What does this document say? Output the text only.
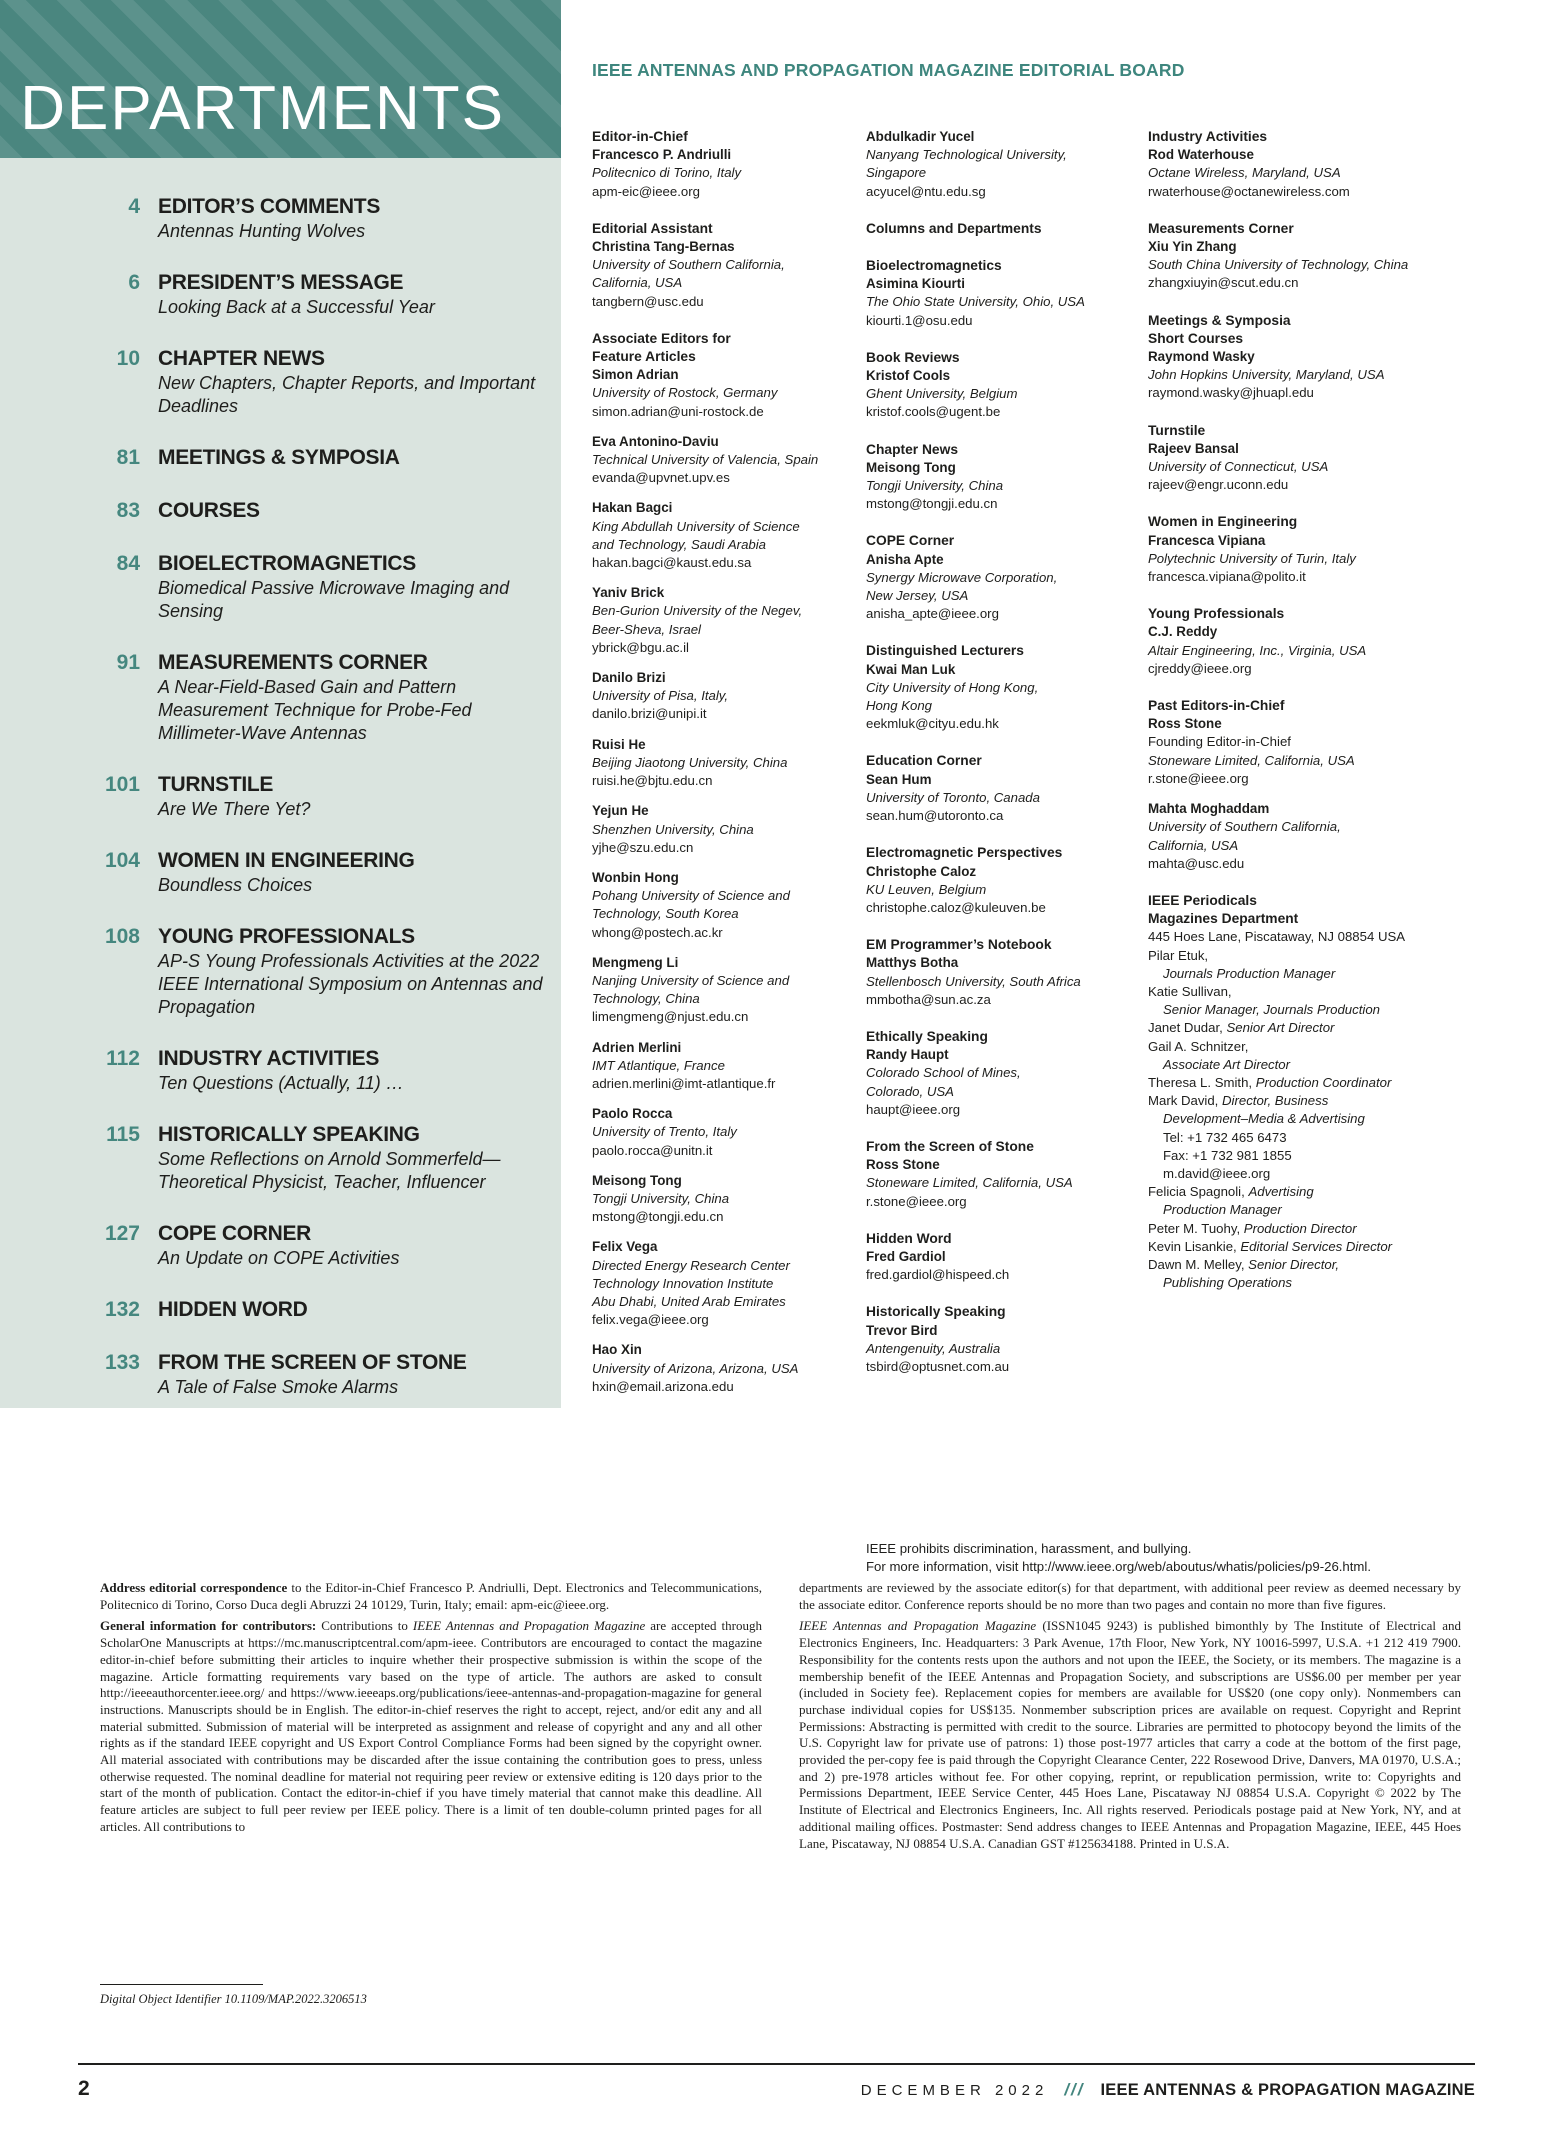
DEPARTMENTS
4 EDITOR’S COMMENTS
Antennas Hunting Wolves
6 PRESIDENT’S MESSAGE
Looking Back at a Successful Year
10 CHAPTER NEWS
New Chapters, Chapter Reports, and Important Deadlines
81 MEETINGS & SYMPOSIA
83 COURSES
84 BIOELECTROMAGNETICS
Biomedical Passive Microwave Imaging and Sensing
91 MEASUREMENTS CORNER
A Near-Field-Based Gain and Pattern Measurement Technique for Probe-Fed Millimeter-Wave Antennas
101 TURNSTILE
Are We There Yet?
104 WOMEN IN ENGINEERING
Boundless Choices
108 YOUNG PROFESSIONALS
AP-S Young Professionals Activities at the 2022 IEEE International Symposium on Antennas and Propagation
112 INDUSTRY ACTIVITIES
Ten Questions (Actually, 11) …
115 HISTORICALLY SPEAKING
Some Reflections on Arnold Sommerfeld—Theoretical Physicist, Teacher, Influencer
127 COPE CORNER
An Update on COPE Activities
132 HIDDEN WORD
133 FROM THE SCREEN OF STONE
A Tale of False Smoke Alarms
IEEE ANTENNAS AND PROPAGATION MAGAZINE EDITORIAL BOARD
Editor-in-Chief
Francesco P. Andriulli
Politecnico di Torino, Italy
apm-eic@ieee.org
Editorial Assistant
Christina Tang-Bernas
University of Southern California,
California, USA
tangbern@usc.edu
Associate Editors for
Feature Articles
Simon Adrian
University of Rostock, Germany
simon.adrian@uni-rostock.de
Eva Antonino-Daviu
Technical University of Valencia, Spain
evanda@upvnet.upv.es
Hakan Bagci
King Abdullah University of Science
and Technology, Saudi Arabia
hakan.bagci@kaust.edu.sa
Yaniv Brick
Ben-Gurion University of the Negev,
Beer-Sheva, Israel
ybrick@bgu.ac.il
Danilo Brizi
University of Pisa, Italy,
danilo.brizi@unipi.it
Ruisi He
Beijing Jiaotong University, China
ruisi.he@bjtu.edu.cn
Yejun He
Shenzhen University, China
yjhe@szu.edu.cn
Wonbin Hong
Pohang University of Science and
Technology, South Korea
whong@postech.ac.kr
Mengmeng Li
Nanjing University of Science and
Technology, China
limengmeng@njust.edu.cn
Adrien Merlini
IMT Atlantique, France
adrien.merlini@imt-atlantique.fr
Paolo Rocca
University of Trento, Italy
paolo.rocca@unitn.it
Meisong Tong
Tongji University, China
mstong@tongji.edu.cn
Felix Vega
Directed Energy Research Center
Technology Innovation Institute
Abu Dhabi, United Arab Emirates
felix.vega@ieee.org
Hao Xin
University of Arizona, Arizona, USA
hxin@email.arizona.edu
Abdulkadir Yucel
Nanyang Technological University,
Singapore
acyucel@ntu.edu.sg
Columns and Departments
Bioelectromagnetics
Asimina Kiourti
The Ohio State University, Ohio, USA
kiourti.1@osu.edu
Book Reviews
Kristof Cools
Ghent University, Belgium
kristof.cools@ugent.be
Chapter News
Meisong Tong
Tongji University, China
mstong@tongji.edu.cn
COPE Corner
Anisha Apte
Synergy Microwave Corporation,
New Jersey, USA
anisha_apte@ieee.org
Distinguished Lecturers
Kwai Man Luk
City University of Hong Kong,
Hong Kong
eekmluk@cityu.edu.hk
Education Corner
Sean Hum
University of Toronto, Canada
sean.hum@utoronto.ca
Electromagnetic Perspectives
Christophe Caloz
KU Leuven, Belgium
christophe.caloz@kuleuven.be
EM Programmer’s Notebook
Matthys Botha
Stellenbosch University, South Africa
mmbotha@sun.ac.za
Ethically Speaking
Randy Haupt
Colorado School of Mines,
Colorado, USA
haupt@ieee.org
From the Screen of Stone
Ross Stone
Stoneware Limited, California, USA
r.stone@ieee.org
Hidden Word
Fred Gardiol
fred.gardiol@hispeed.ch
Historically Speaking
Trevor Bird
Antengenuity, Australia
tsbird@optusnet.com.au
Industry Activities
Rod Waterhouse
Octane Wireless, Maryland, USA
rwaterhouse@octanewireless.com
Measurements Corner
Xiu Yin Zhang
South China University of Technology, China
zhangxiuyin@scut.edu.cn
Meetings & Symposia
Short Courses
Raymond Wasky
John Hopkins University, Maryland, USA
raymond.wasky@jhuapl.edu
Turnstile
Rajeev Bansal
University of Connecticut, USA
rajeev@engr.uconn.edu
Women in Engineering
Francesca Vipiana
Polytechnic University of Turin, Italy
francesca.vipiana@polito.it
Young Professionals
C.J. Reddy
Altair Engineering, Inc., Virginia, USA
cjreddy@ieee.org
Past Editors-in-Chief
Ross Stone
Founding Editor-in-Chief
Stoneware Limited, California, USA
r.stone@ieee.org
Mahta Moghaddam
University of Southern California,
California, USA
mahta@usc.edu
IEEE Periodicals
Magazines Department
445 Hoes Lane, Piscataway, NJ 08854 USA
Pilar Etuk,
Journals Production Manager
Katie Sullivan,
Senior Manager, Journals Production
Janet Dudar, Senior Art Director
Gail A. Schnitzer,
Associate Art Director
Theresa L. Smith, Production Coordinator
Mark David, Director, Business
Development–Media & Advertising
Tel: +1 732 465 6473
Fax: +1 732 981 1855
m.david@ieee.org
Felicia Spagnoli, Advertising
Production Manager
Peter M. Tuohy, Production Director
Kevin Lisankie, Editorial Services Director
Dawn M. Melley, Senior Director,
Publishing Operations
IEEE prohibits discrimination, harassment, and bullying.
For more information, visit http://www.ieee.org/web/aboutus/whatis/policies/p9-26.html.

Address editorial correspondence to the Editor-in-Chief Francesco P. Andriulli, Dept. Electronics and Telecommunications, Politecnico di Torino, Corso Duca degli Abruzzi 24 10129, Turin, Italy; email: apm-eic@ieee.org.

General information for contributors: Contributions to IEEE Antennas and Propagation Magazine are accepted through ScholarOne Manuscripts at https://mc.manuscriptcentral.com/apm-ieee. Contributors are encouraged to contact the magazine editor-in-chief before submitting their articles to inquire whether their prospective submission is within the scope of the magazine. Article formatting requirements vary based on the type of article. The authors are asked to consult http://ieeeauthorcenter.ieee.org/ and https://www.ieeeaps.org/publications/ieee-antennas-and-propagation-magazine for general instructions. Manuscripts should be in English. The editor-in-chief reserves the right to accept, reject, and/or edit any and all material submitted. Submission of material will be interpreted as assignment and release of copyright and any and all other rights as if the standard IEEE copyright and US Export Control Compliance Forms had been signed by the copyright owner. All material associated with contributions may be discarded after the issue containing the contribution goes to press, unless otherwise requested. The nominal deadline for material not requiring peer review or extensive editing is 120 days prior to the start of the month of publication. Contact the editor-in-chief if you have timely material that cannot make this deadline. All feature articles are subject to full peer review per IEEE policy. There is a limit of ten double-column printed pages for all articles. All contributions to

departments are reviewed by the associate editor(s) for that department, with additional peer review as deemed necessary by the associate editor. Conference reports should be no more than two pages and contain no more than five figures.

IEEE Antennas and Propagation Magazine (ISSN1045 9243) is published bimonthly by The Institute of Electrical and Electronics Engineers, Inc. Headquarters: 3 Park Avenue, 17th Floor, New York, NY 10016-5997, U.S.A. +1 212 419 7900. Responsibility for the contents rests upon the authors and not upon the IEEE, the Society, or its members. The magazine is a membership benefit of the IEEE Antennas and Propagation Society, and subscriptions are US$6.00 per member per year (included in Society fee). Replacement copies for members are available for US$20 (one copy only). Nonmembers can purchase individual copies for US$135. Nonmember subscription prices are available on request. Copyright and Reprint Permissions: Abstracting is permitted with credit to the source. Libraries are permitted to photocopy beyond the limits of the U.S. Copyright law for private use of patrons: 1) those post-1977 articles that carry a code at the bottom of the first page, provided the per-copy fee is paid through the Copyright Clearance Center, 222 Rosewood Drive, Danvers, MA 01970, U.S.A.; and 2) pre-1978 articles without fee. For other copying, reprint, or republication permission, write to: Copyrights and Permissions Department, IEEE Service Center, 445 Hoes Lane, Piscataway NJ 08854 U.S.A. Copyright © 2022 by The Institute of Electrical and Electronics Engineers, Inc. All rights reserved. Periodicals postage paid at New York, NY, and at additional mailing offices. Postmaster: Send address changes to IEEE Antennas and Propagation Magazine, IEEE, 445 Hoes Lane, Piscataway, NJ 08854 U.S.A. Canadian GST #125634188. Printed in U.S.A.

Digital Object Identifier 10.1109/MAP.2022.3206513
2	DECEMBER 2022 /// IEEE ANTENNAS & PROPAGATION MAGAZINE
